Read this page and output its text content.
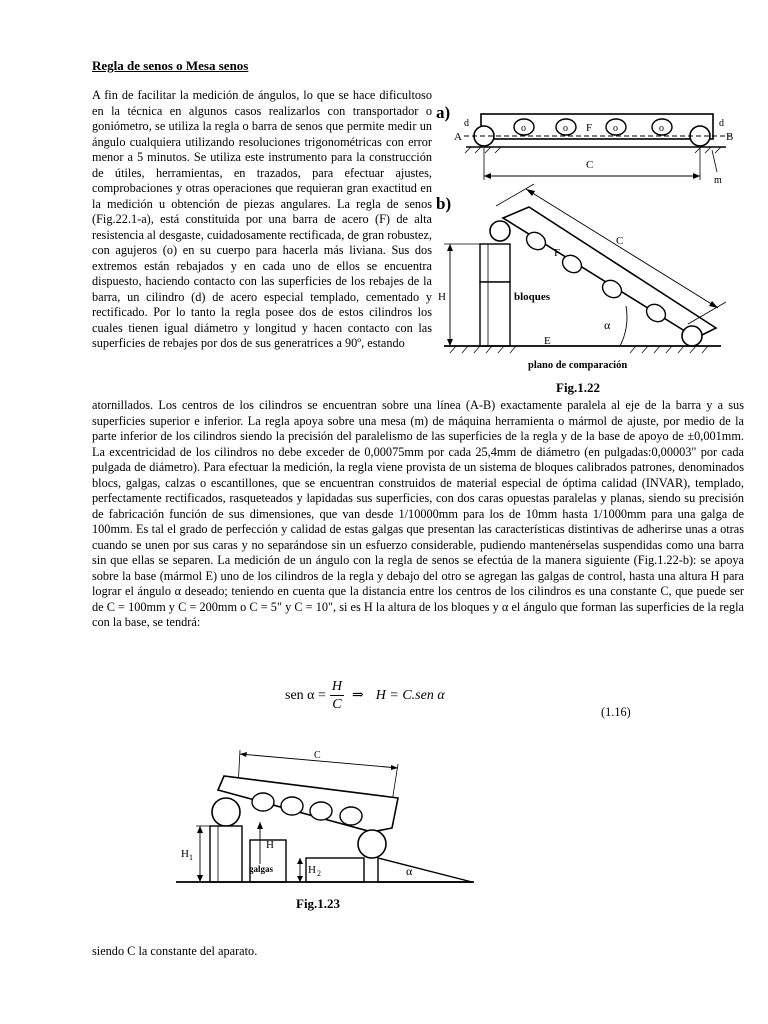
Regla de senos o Mesa senos
A fin de facilitar la medición de ángulos, lo que se hace dificultoso en la técnica en algunos casos realizarlos con transportador o goniómetro, se utiliza la regla o barra de senos que permite medir un ángulo cualquiera utilizando resoluciones trigonométricas con error menor a 5 minutos. Se utiliza este instrumento para la construcción de útiles, herramientas, en trazados, para efectuar ajustes, comprobaciones y otras operaciones que requieran gran exactitud en la medición u obtención de piezas angulares. La regla de senos (Fig.22.1-a), está constituida por una barra de acero (F) de alta resistencia al desgaste, cuidadosamente rectificada, de gran robustez, con agujeros (o) en su cuerpo para hacerla más liviana. Sus dos extremos están rebajados y en cada uno de ellos se encuentra dispuesto, haciendo contacto con las superficies de los rebajes de la barra, un cilindro (d) de acero especial templado, cementado y rectificado. Por lo tanto la regla posee dos de estos cilindros los cuales tienen igual diámetro y longitud y hacen contacto con las superficies de rebajes por dos de sus generatrices a 90º, estando
a)
o	o F o	o
d	d
A	B
C
m
b)
F
C
H	bloques
E
α
plano de comparación
Fig.1.22
atornillados. Los centros de los cilindros se encuentran sobre una línea (A-B) exactamente paralela al eje de la barra y a sus superficies superior e inferior. La regla apoya sobre una mesa (m) de máquina herramienta o mármol de ajuste, por medio de la parte inferior de los cilindros siendo la precisión del paralelismo de las superficies de la regla y de la base de apoyo de ±0,001mm. La excentricidad de los cilindros no debe exceder de 0,00075mm por cada 25,4mm de diámetro (en pulgadas:0,00003" por cada pulgada de diámetro). Para efectuar la medición, la regla viene provista de un sistema de bloques calibrados patrones, denominados blocs, galgas, calzas o escantillones, que se encuentran construidos de material especial de óptima calidad (INVAR), templado, perfectamente rectificados, rasqueteados y lapidadas sus superficies, con dos caras opuestas paralelas y planas, siendo su precisión de fabricación función de sus dimensiones, que van desde 1/10000mm para los de 10mm hasta 1/1000mm para una galga de 100mm. Es tal el grado de perfección y calidad de estas galgas que presentan las características distintivas de adherirse unas a otras cuando se unen por sus caras y no separándose sin un esfuerzo considerable, pudiendo mantenérselas suspendidas como una barra sin que ellas se separen. La medición de un ángulo con la regla de senos se efectúa de la manera siguiente (Fig.1.22-b): se apoya sobre la base (mármol E) uno de los cilindros de la regla y debajo del otro se agregan las galgas de control, hasta una altura H para lograr el ángulo α deseado; teniendo en cuenta que la distancia entre los centros de los cilindros es una constante C, que puede ser de C = 100mm y C = 200mm o C = 5" y C = 10", si es H la altura de los bloques y α el ángulo que forman las superficies de la regla con la base, se tendrá:
sen $\alpha = \frac{H}{C}$ ⇒ H = C.sen α
(1.16)
C
H 1
H
galgas	H 2	α
Fig.1.23
siendo C la constante del aparato.
